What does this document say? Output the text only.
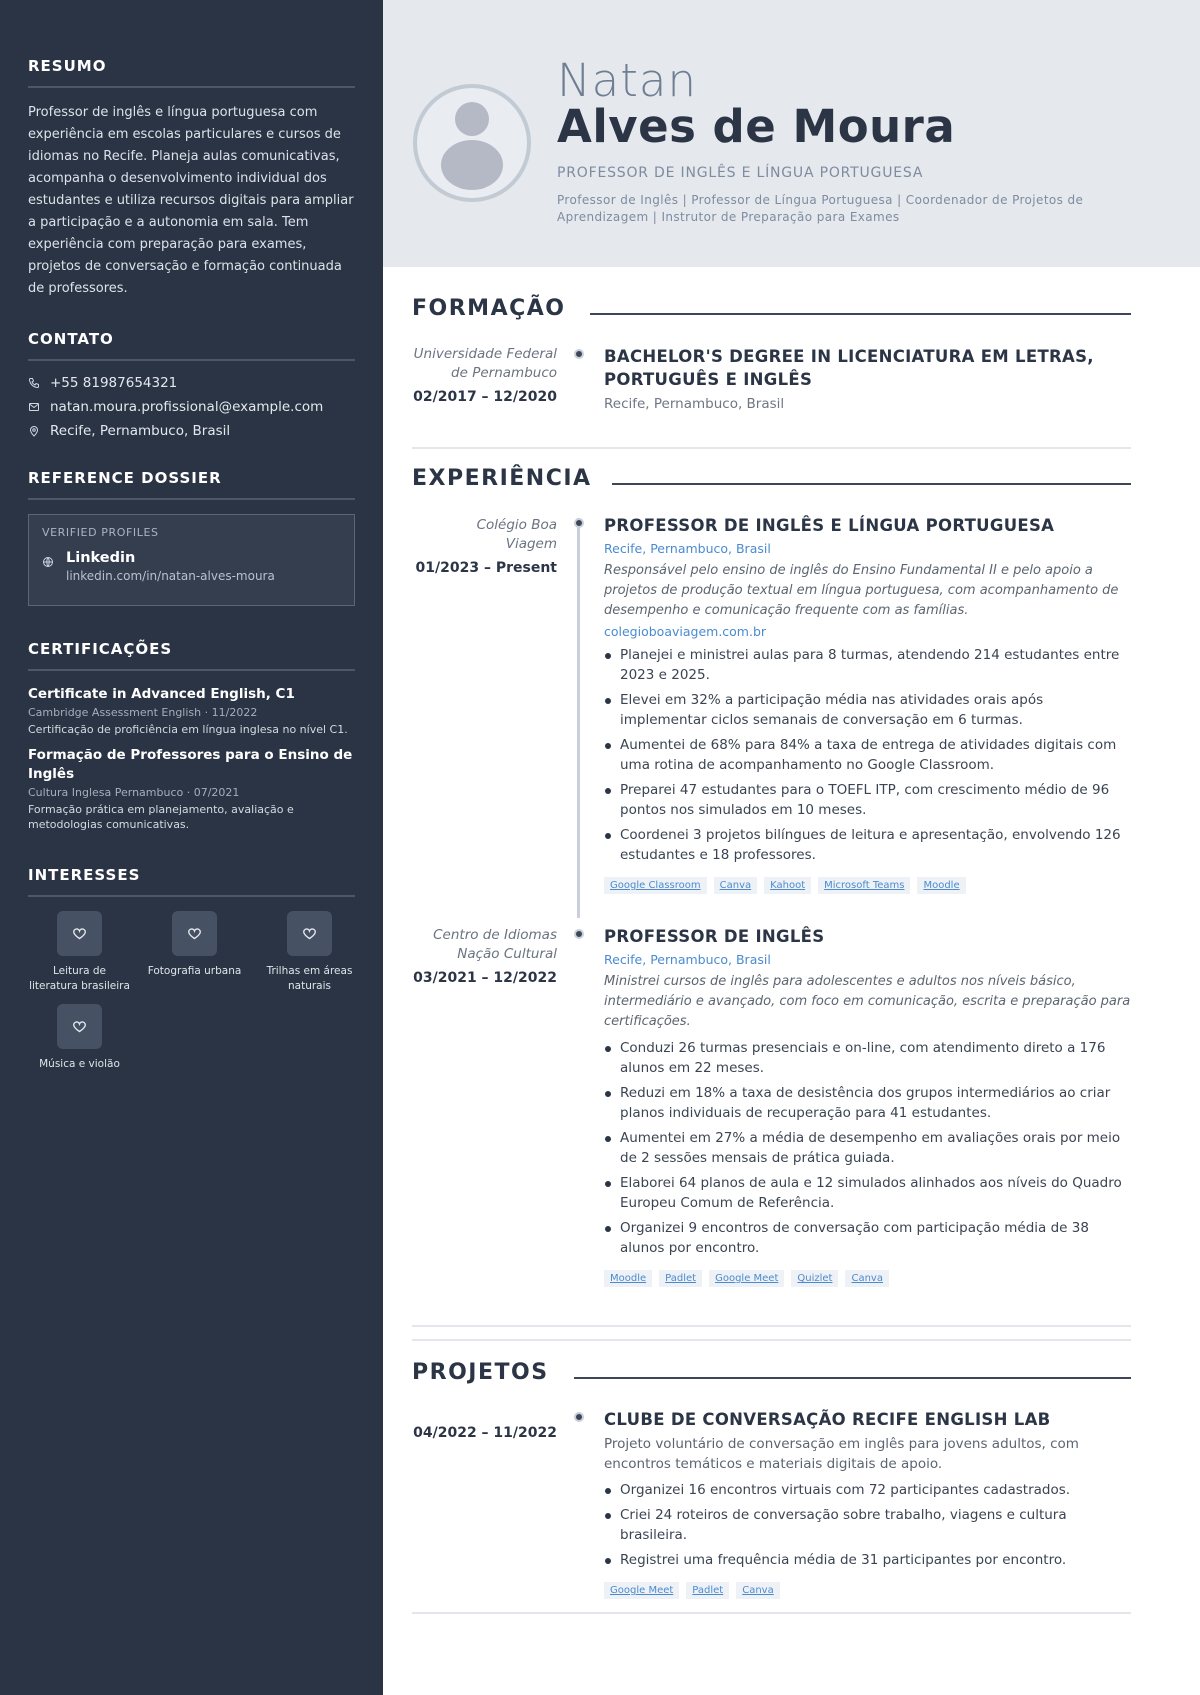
RESUMO

Professor de inglês e língua portuguesa com experiência em escolas particulares e cursos de idiomas no Recife. Planeja aulas comunicativas, acompanha o desenvolvimento individual dos estudantes e utiliza recursos digitais para ampliar a participação e a autonomia em sala. Tem experiência com preparação para exames, projetos de conversação e formação continuada de professores.

CONTATO
+55 81987654321
natan.moura.profissional@example.com
Recife, Pernambuco, Brasil
REFERENCE DOSSIER
VERIFIED PROFILES
Linkedin
linkedin.com/in/natan-alves-moura
CERTIFICAÇÕES
Certificate in Advanced English, C1
Cambridge Assessment English · 11/2022
Certificação de proficiência em língua inglesa no nível C1.
Formação de Professores para o Ensino de Inglês
Cultura Inglesa Pernambuco · 07/2021
Formação prática em planejamento, avaliação e metodologias comunicativas.
INTERESSES
Leitura de literatura brasileira
Fotografia urbana	Trilhas em áreas naturais
Música e violão
Natan
Alves de Moura
PROFESSOR DE INGLÊS E LÍNGUA PORTUGUESA
Professor de Inglês | Professor de Língua Portuguesa | Coordenador de Projetos de Aprendizagem | Instrutor de Preparação para Exames
FORMAÇÃO
Universidade Federal de Pernambuco
02/2017 – 12/2020
BACHELOR'S DEGREE IN LICENCIATURA EM LETRAS, PORTUGUÊS E INGLÊS
Recife, Pernambuco, Brasil
EXPERIÊNCIA
Colégio Boa Viagem
01/2023 – Present
PROFESSOR DE INGLÊS E LÍNGUA PORTUGUESA
Recife, Pernambuco, Brasil
Responsável pelo ensino de inglês do Ensino Fundamental II e pelo apoio a projetos de produção textual em língua portuguesa, com acompanhamento de desempenho e comunicação frequente com as famílias.
colegioboaviagem.com.br
Planejei e ministrei aulas para 8 turmas, atendendo 214 estudantes entre 2023 e 2025.
Elevei em 32% a participação média nas atividades orais após implementar ciclos semanais de conversação em 6 turmas.
Aumentei de 68% para 84% a taxa de entrega de atividades digitais com uma rotina de acompanhamento no Google Classroom.
Preparei 47 estudantes para o TOEFL ITP, com crescimento médio de 96 pontos nos simulados em 10 meses.
Coordenei 3 projetos bilíngues de leitura e apresentação, envolvendo 126 estudantes e 18 professores.
Google Classroom	Canva	Kahoot	Microsoft Teams	Moodle
Centro de Idiomas Nação Cultural
03/2021 – 12/2022
PROFESSOR DE INGLÊS
Recife, Pernambuco, Brasil
Ministrei cursos de inglês para adolescentes e adultos nos níveis básico, intermediário e avançado, com foco em comunicação, escrita e preparação para certificações.
Conduzi 26 turmas presenciais e on-line, com atendimento direto a 176 alunos em 22 meses.
Reduzi em 18% a taxa de desistência dos grupos intermediários ao criar planos individuais de recuperação para 41 estudantes.
Aumentei em 27% a média de desempenho em avaliações orais por meio de 2 sessões mensais de prática guiada.
Elaborei 64 planos de aula e 12 simulados alinhados aos níveis do Quadro Europeu Comum de Referência.
Organizei 9 encontros de conversação com participação média de 38 alunos por encontro.
Moodle	Padlet	Google Meet	Quizlet	Canva
PROJETOS
04/2022 – 11/2022
CLUBE DE CONVERSAÇÃO RECIFE ENGLISH LAB
Projeto voluntário de conversação em inglês para jovens adultos, com encontros temáticos e materiais digitais de apoio.
Organizei 16 encontros virtuais com 72 participantes cadastrados.
Criei 24 roteiros de conversação sobre trabalho, viagens e cultura brasileira.
Registrei uma frequência média de 31 participantes por encontro.
Google Meet	Padlet	Canva
